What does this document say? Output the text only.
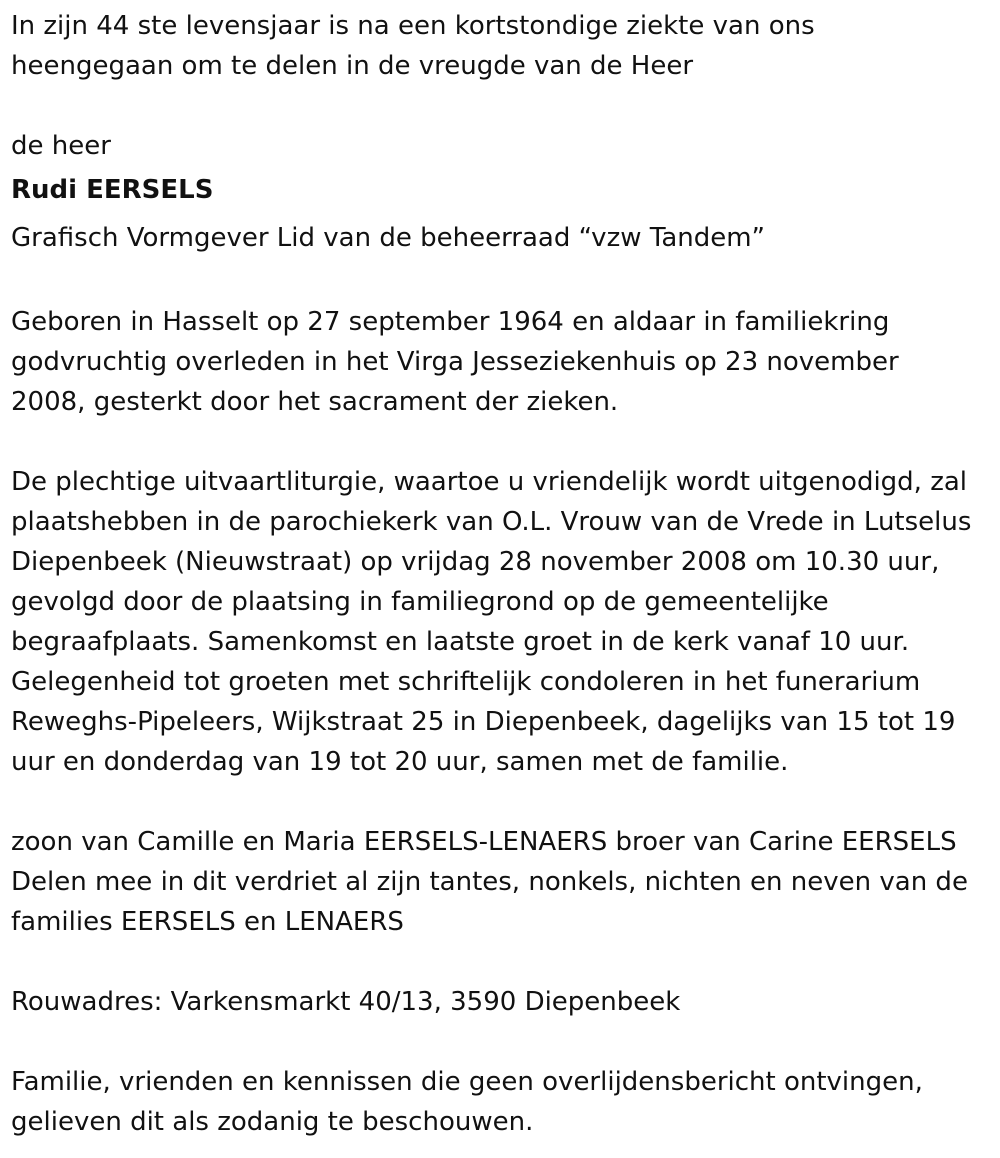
In zijn 44 ste levensjaar is na een kortstondige ziekte van ons
heengegaan om te delen in de vreugde van de Heer
de heer
Rudi EERSELS
Grafisch Vormgever Lid van de beheerraad “vzw Tandem”
Geboren in Hasselt op 27 september 1964 en aldaar in familiekring
godvruchtig overleden in het Virga Jesseziekenhuis op 23 november
2008, gesterkt door het sacrament der zieken.
De plechtige uitvaartliturgie, waartoe u vriendelijk wordt uitgenodigd, zal
plaatshebben in de parochiekerk van O.L. Vrouw van de Vrede in Lutselus
Diepenbeek (Nieuwstraat) op vrijdag 28 november 2008 om 10.30 uur,
gevolgd door de plaatsing in familiegrond op de gemeentelijke
begraafplaats. Samenkomst en laatste groet in de kerk vanaf 10 uur.
Gelegenheid tot groeten met schriftelijk condoleren in het funerarium
Reweghs-Pipeleers, Wijkstraat 25 in Diepenbeek, dagelijks van 15 tot 19
uur en donderdag van 19 tot 20 uur, samen met de familie.
zoon van Camille en Maria EERSELS-LENAERS broer van Carine EERSELS
Delen mee in dit verdriet al zijn tantes, nonkels, nichten en neven van de
families EERSELS en LENAERS
Rouwadres: Varkensmarkt 40/13, 3590 Diepenbeek
Familie, vrienden en kennissen die geen overlijdensbericht ontvingen,
gelieven dit als zodanig te beschouwen.
